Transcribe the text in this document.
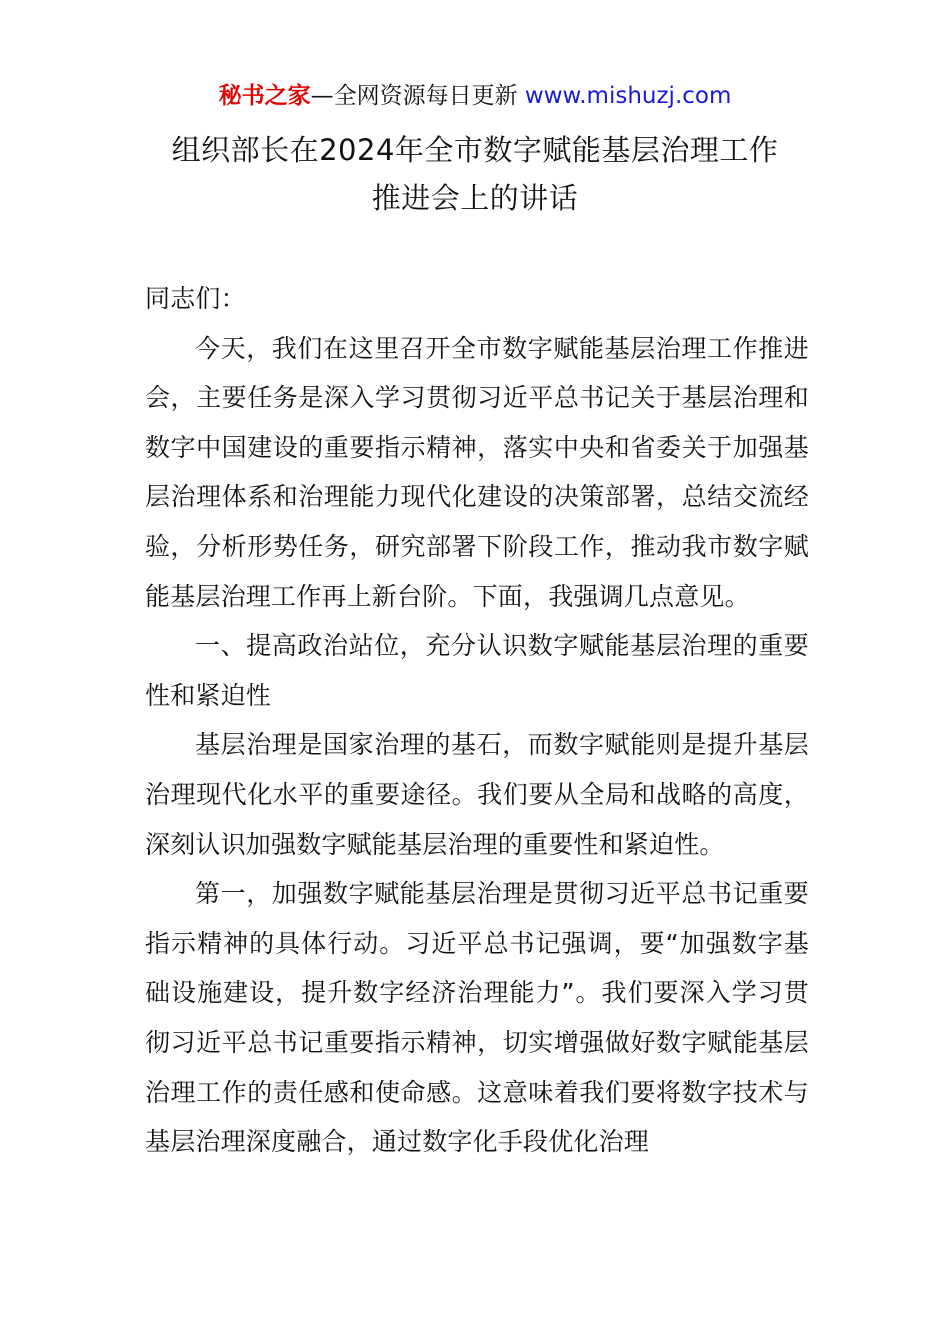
秘书之家—全网资源每日更新 www.mishuzj.com
组织部长在2024年全市数字赋能基层治理工作
推进会上的讲话

同志们：

今天，我们在这里召开全市数字赋能基层治理工作推进会，主要任务是深入学习贯彻习近平总书记关于基层治理和数字中国建设的重要指示精神，落实中央和省委关于加强基层治理体系和治理能力现代化建设的决策部署，总结交流经验，分析形势任务，研究部署下阶段工作，推动我市数字赋能基层治理工作再上新台阶。下面，我强调几点意见。

一、提高政治站位，充分认识数字赋能基层治理的重要性和紧迫性

基层治理是国家治理的基石，而数字赋能则是提升基层治理现代化水平的重要途径。我们要从全局和战略的高度，深刻认识加强数字赋能基层治理的重要性和紧迫性。

第一，加强数字赋能基层治理是贯彻习近平总书记重要指示精神的具体行动。习近平总书记强调，要“加强数字基础设施建设，提升数字经济治理能力”。我们要深入学习贯彻习近平总书记重要指示精神，切实增强做好数字赋能基层治理工作的责任感和使命感。这意味着我们要将数字技术与基层治理深度融合，通过数字化手段优化治理
